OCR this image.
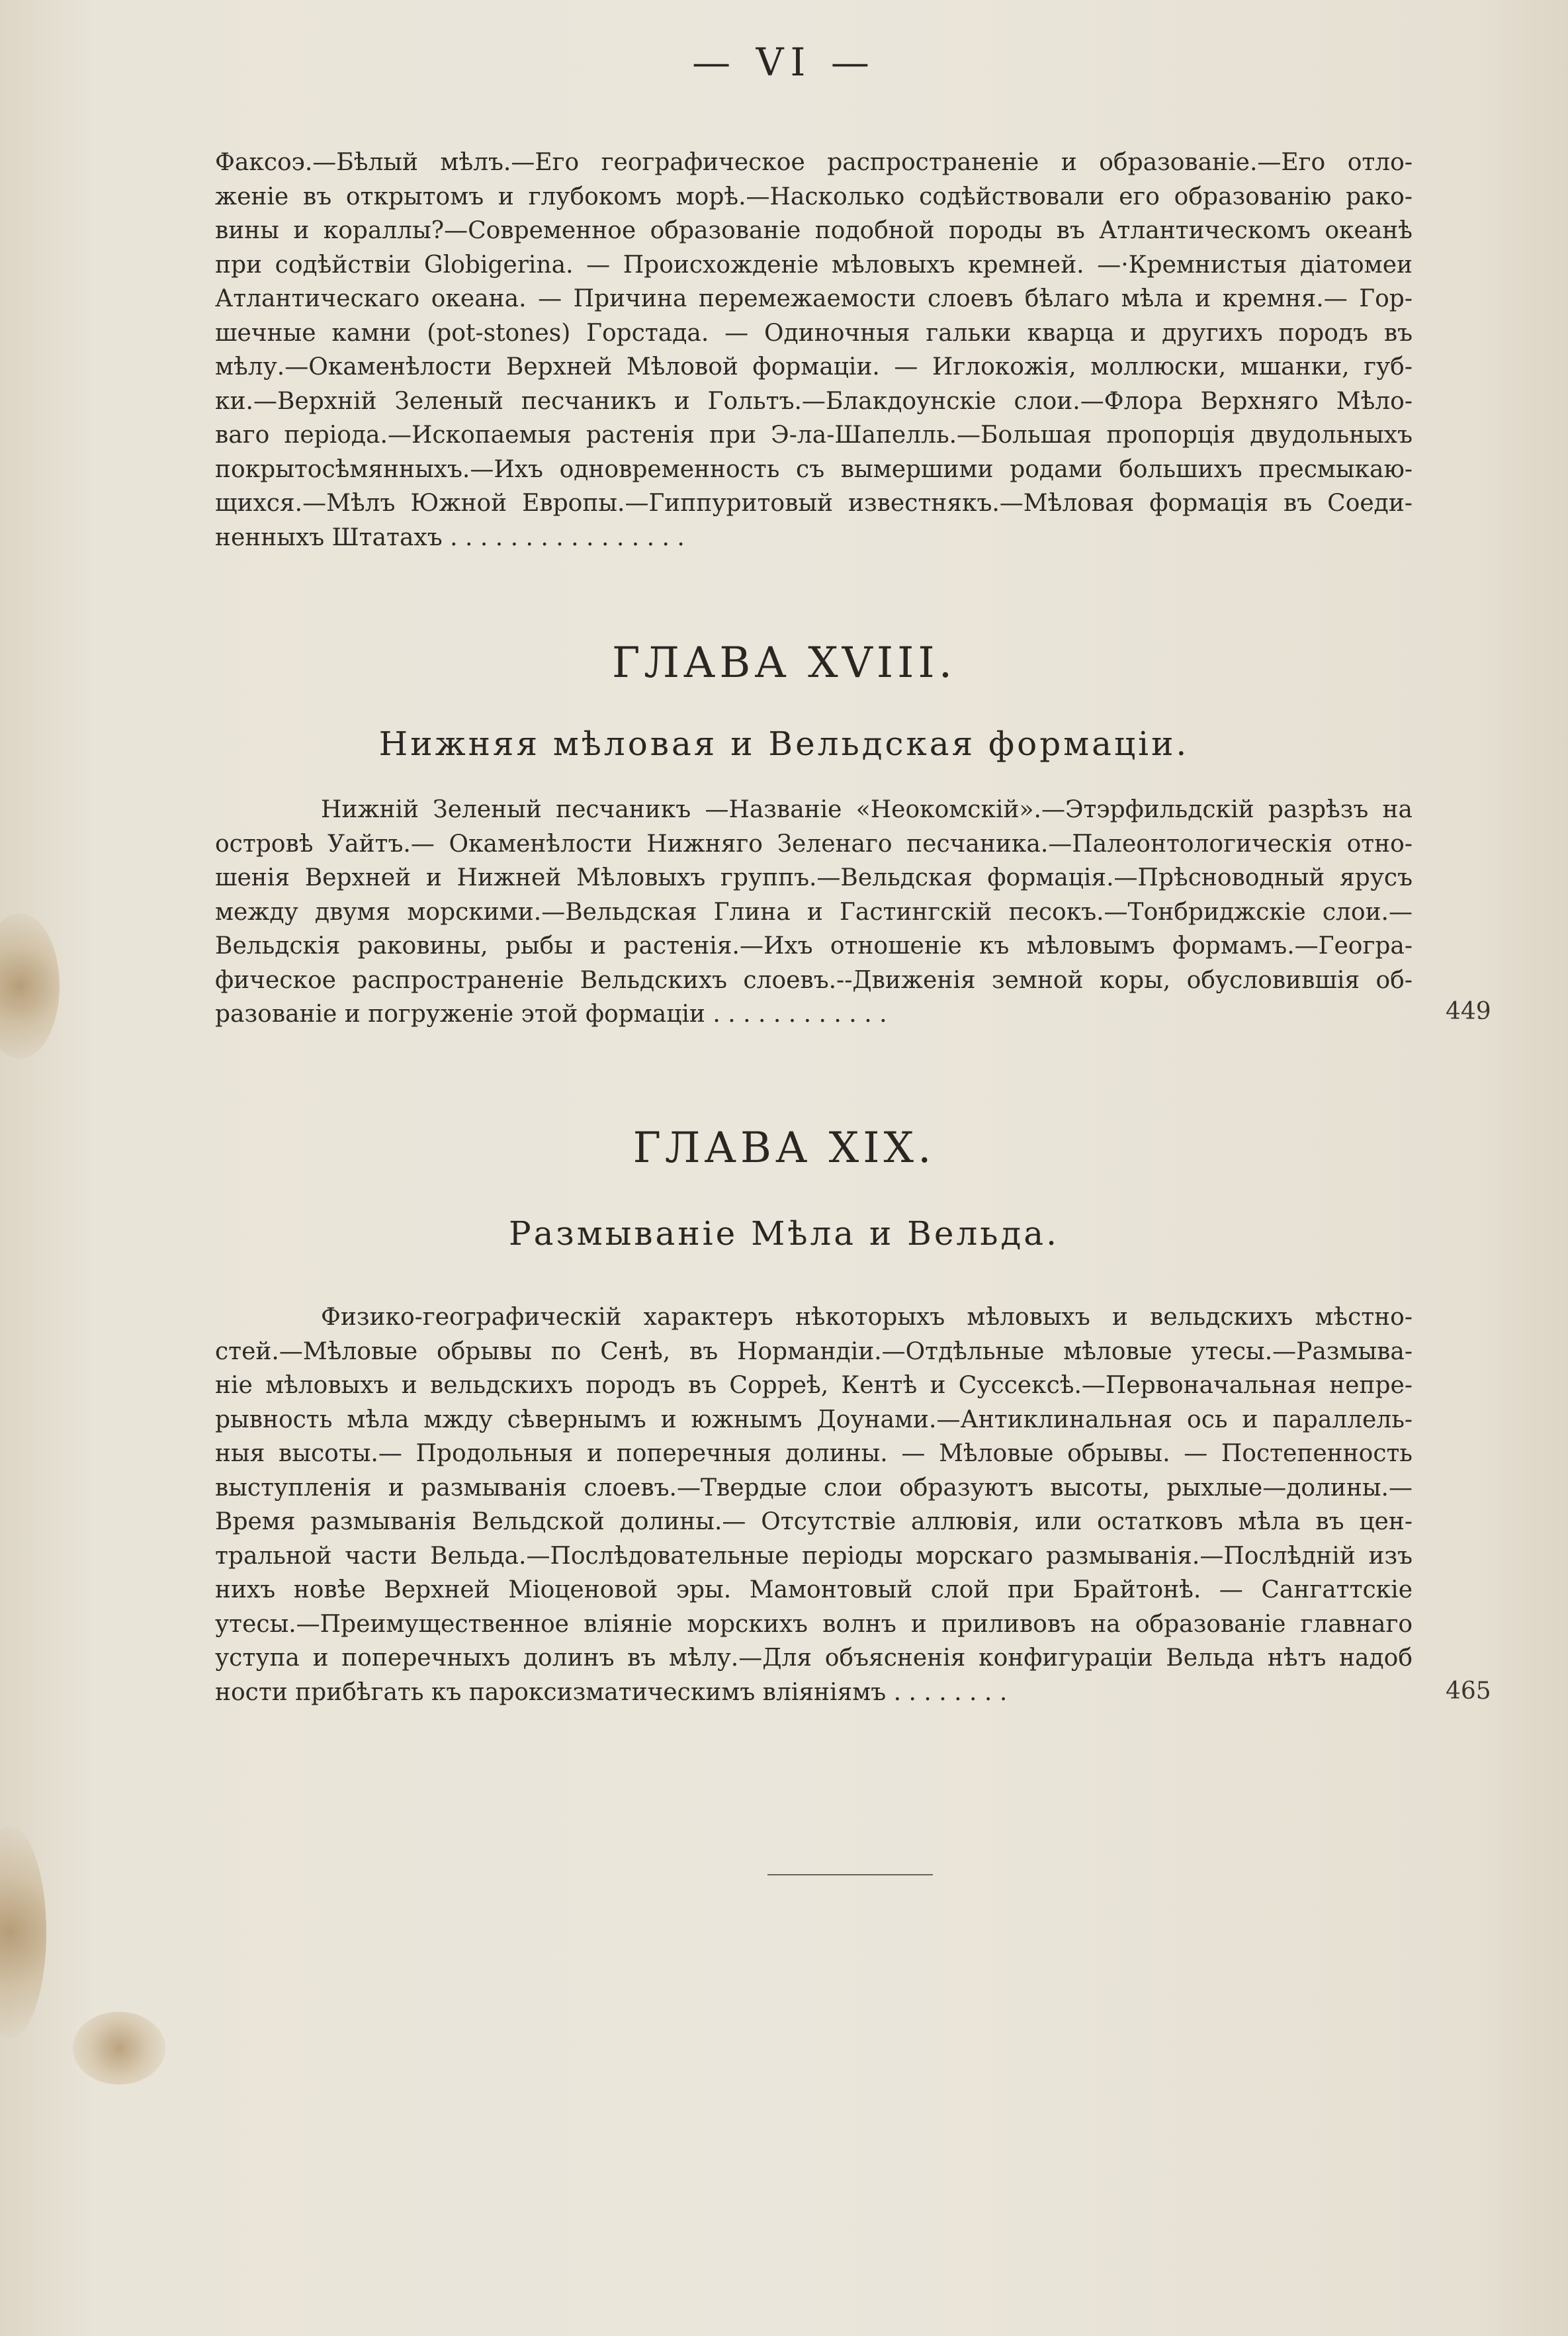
— VI —
Факсоэ.—Бѣлый мѣлъ.—Его географическое распространенiе и образованiе.—Его отло-
женiе въ открытомъ и глубокомъ морѣ.—Насколько содѣйствовали его образованiю рако-
вины и кораллы?—Современное образованiе подобной породы въ Атлантическомъ океанѣ
при содѣйствiи Globigerina. — Происхожденiе мѣловыхъ кремней. —·Кремнистыя дiатомеи
Атлантическаго океана. — Причина перемежаемости слоевъ бѣлаго мѣла и кремня.— Гор-
шечные камни (pot-stones) Горстада. — Одиночныя гальки кварца и другихъ породъ въ
мѣлу.—Окаменѣлости Верхней Мѣловой формацiи. — Иглокожiя, моллюски, мшанки, губ-
ки.—Верхнiй Зеленый песчаникъ и Гольтъ.—Блакдоунскiе слои.—Флора Верхняго Мѣло-
ваго перiода.—Ископаемыя растенiя при Э-ла-Шапелль.—Большая пропорцiя двудольныхъ
покрытосѣмянныхъ.—Ихъ одновременность съ вымершими родами большихъ пресмыкаю-
щихся.—Мѣлъ Южной Европы.—Гиппуритовый известнякъ.—Мѣловая формацiя въ Соеди-
ненныхъ Штатахъ . . . . . . . . . . . . . . . .
ГЛАВА XVIII.
Нижняя мѣловая и Вельдская формацiи.
Нижнiй Зеленый песчаникъ —Названiе «Неокомскiй».—Этэрфильдскiй разрѣзъ на
островѣ Уайтъ.— Окаменѣлости Нижняго Зеленаго песчаника.—Палеонтологическiя отно-
шенiя Верхней и Нижней Мѣловыхъ группъ.—Вельдская формацiя.—Прѣсноводный ярусъ
между двумя морскими.—Вельдская Глина и Гастингскiй песокъ.—Тонбриджскiе слои.—
Вельдскiя раковины, рыбы и растенiя.—Ихъ отношенiе къ мѣловымъ формамъ.—Геогра-
фическое распространенiе Вельдскихъ слоевъ.--Движенiя земной коры, обусловившiя об-
разованiе и погруженiе этой формацiи . . . . . . . . . . . .	449
ГЛАВА XIX.
Размыванiе Мѣла и Вельда.
Физико-географическiй характеръ нѣкоторыхъ мѣловыхъ и вельдскихъ мѣстно-
стей.—Мѣловые обрывы по Сенѣ, въ Нормандiи.—Отдѣльные мѣловые утесы.—Размыва-
нiе мѣловыхъ и вельдскихъ породъ въ Соррeѣ, Кентѣ и Суссексѣ.—Первоначальная непре-
рывность мѣла мжду сѣвернымъ и южнымъ Доунами.—Антиклинальная ось и параллель-
ныя высоты.— Продольныя и поперечныя долины. — Мѣловые обрывы. — Постепенность
выступленiя и размыванiя слоевъ.—Твердые слои образуютъ высоты, рыхлые—долины.—
Время размыванiя Вельдской долины.— Отсутствiе аллювiя, или остатковъ мѣла въ цен-
тральной части Вельда.—Послѣдовательные перiоды морскаго размыванiя.—Послѣднiй изъ
нихъ новѣе Верхней Мiоценовой эры. Мамонтовый слой при Брайтонѣ. — Сангаттскiе
утесы.—Преимущественное влiянiе морскихъ волнъ и приливовъ на образованiе главнаго
уступа и поперечныхъ долинъ въ мѣлу.—Для объясненiя конфигурацiи Вельда нѣтъ надоб
ности прибѣгать къ пароксизматическимъ влiянiямъ . . . . . . . .	465
